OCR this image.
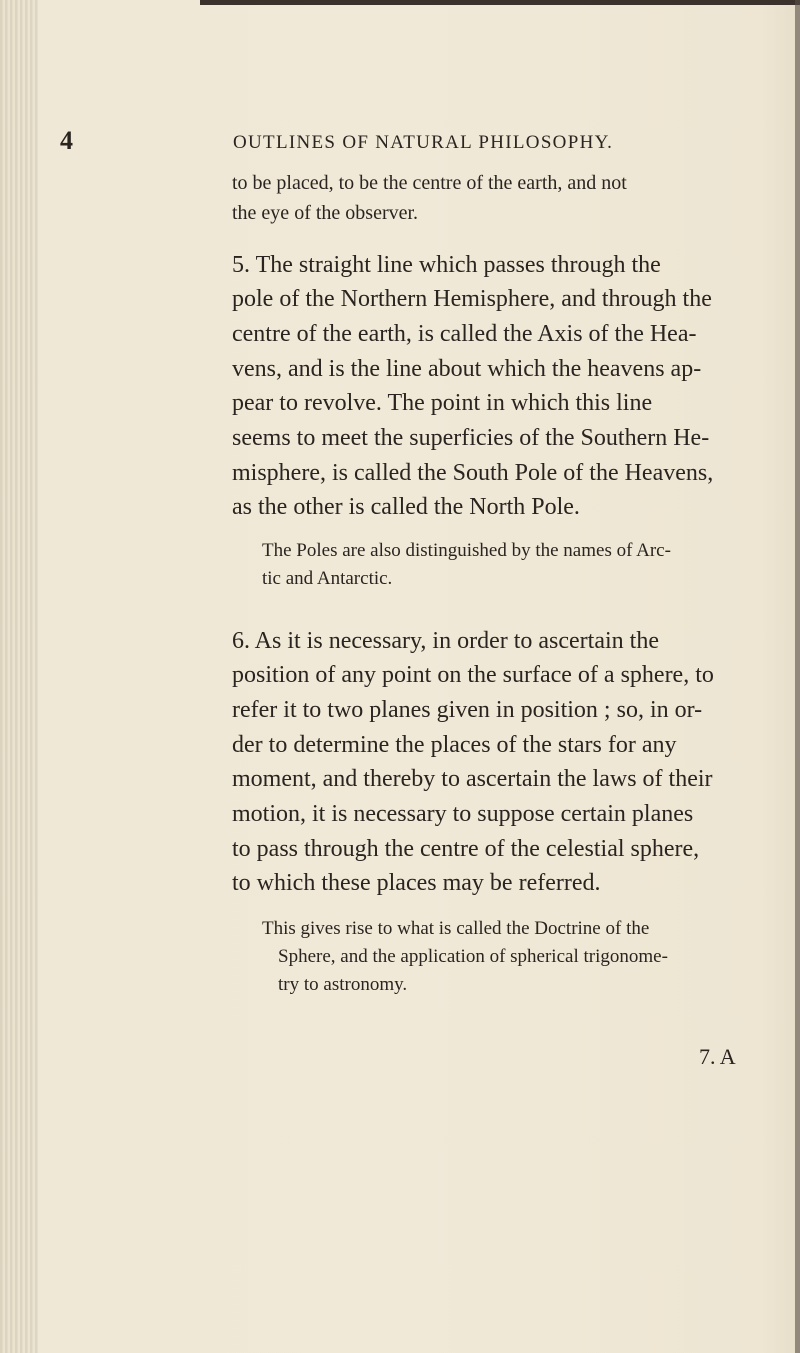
4	OUTLINES OF NATURAL PHILOSOPHY.
to be placed, to be the centre of the earth, and not
the eye of the observer.
5. The straight line which passes through the
pole of the Northern Hemisphere, and through the
centre of the earth, is called the Axis of the Hea-
vens, and is the line about which the heavens ap-
pear to revolve. The point in which this line
seems to meet the superficies of the Southern He-
misphere, is called the South Pole of the Heavens,
as the other is called the North Pole.
The Poles are also distinguished by the names of Arc-
tic and Antarctic.
6. As it is necessary, in order to ascertain the
position of any point on the surface of a sphere, to
refer it to two planes given in position ; so, in or-
der to determine the places of the stars for any
moment, and thereby to ascertain the laws of their
motion, it is necessary to suppose certain planes
to pass through the centre of the celestial sphere,
to which these places may be referred.
This gives rise to what is called the Doctrine of the
Sphere, and the application of spherical trigonome-
try to astronomy.
7. A
